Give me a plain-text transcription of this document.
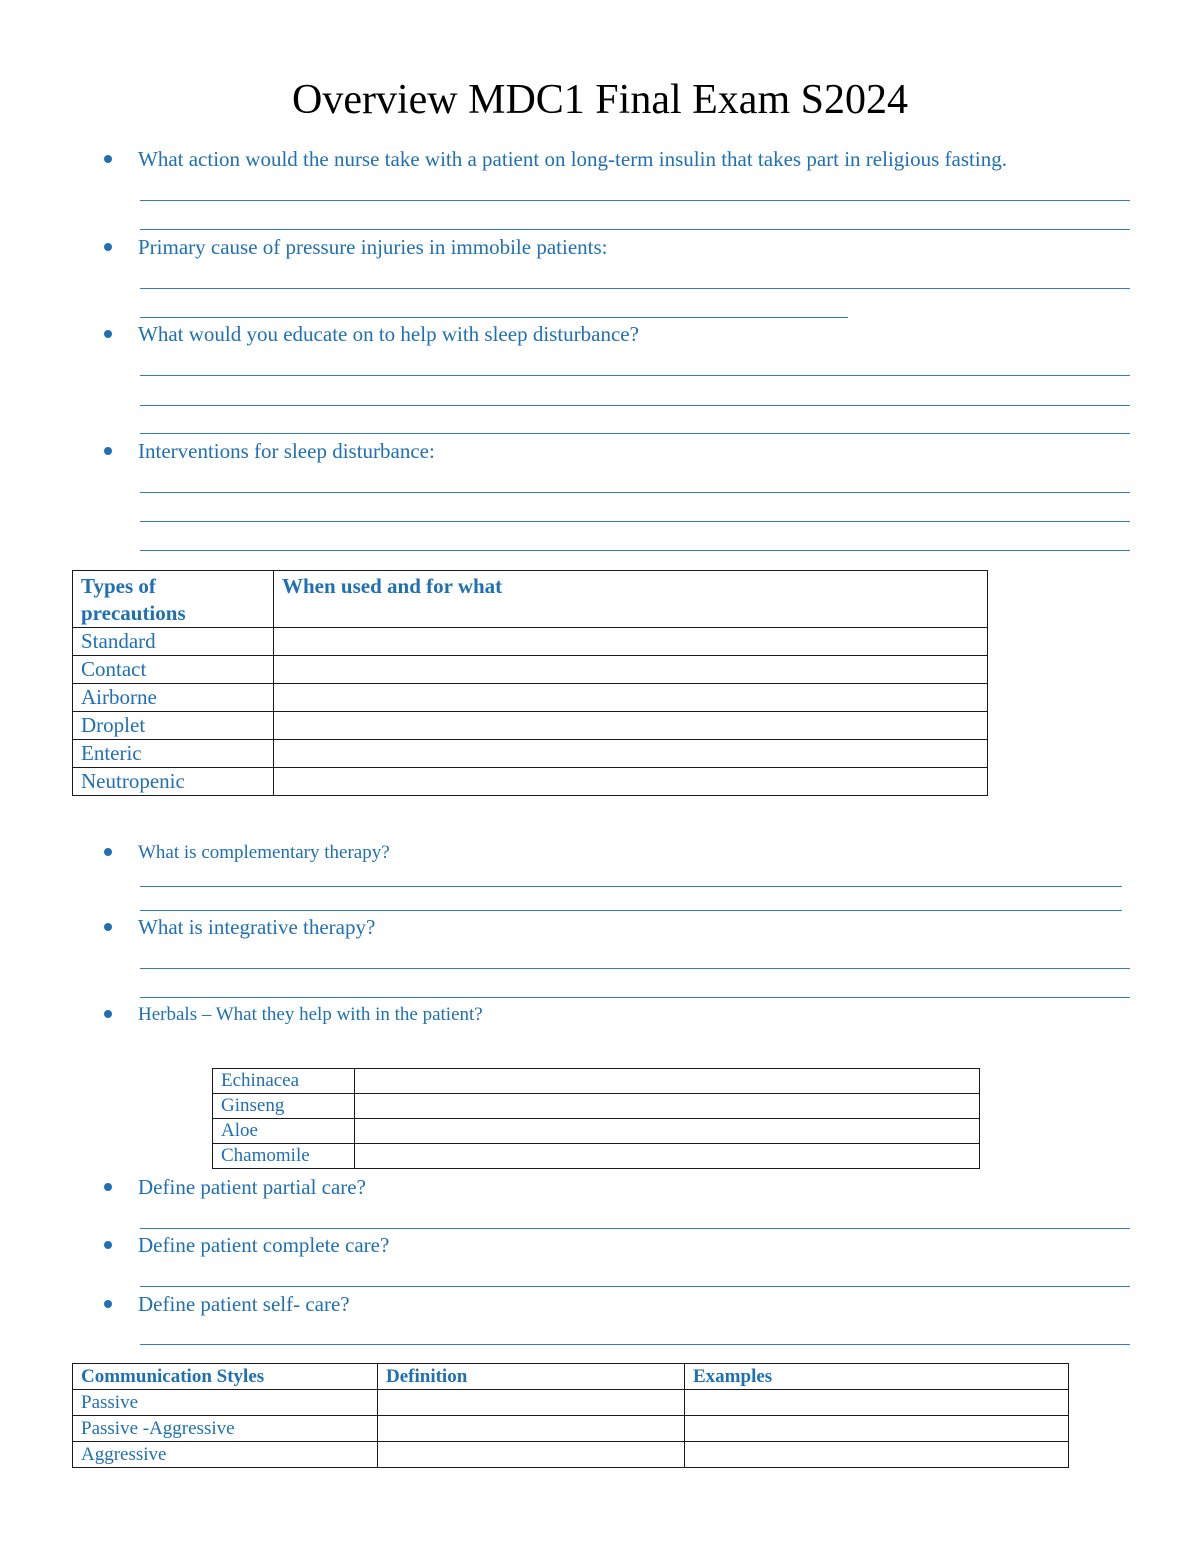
Overview MDC1 Final Exam S2024
What action would the nurse take with a patient on long-term insulin that takes part in religious fasting.
Primary cause of pressure injuries in immobile patients:
What would you educate on to help with sleep disturbance?
Interventions for sleep disturbance:
Types of precautions	When used and for what
Standard	
Contact	
Airborne	
Droplet	
Enteric	
Neutropenic	
What is complementary therapy?
What is integrative therapy?
Herbals – What they help with in the patient?
Echinacea	
Ginseng	
Aloe	
Chamomile	
Define patient partial care?
Define patient complete care?
Define patient self- care?
Communication Styles	Definition	Examples
Passive		
Passive -Aggressive		
Aggressive		
